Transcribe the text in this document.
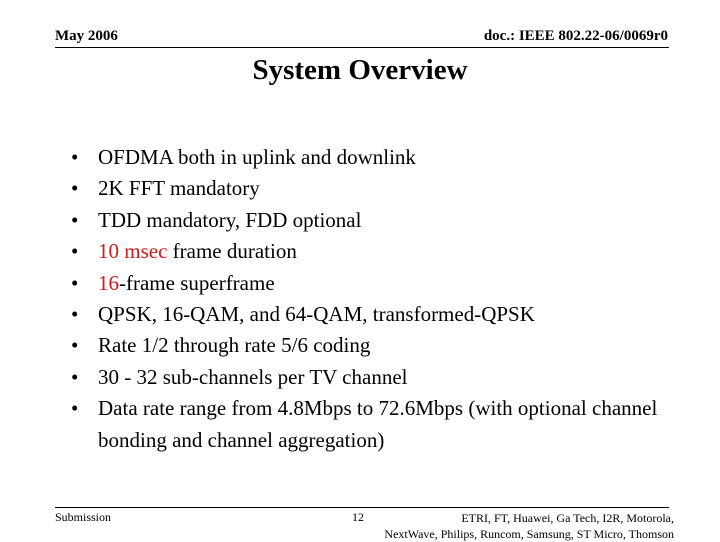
May 2006	doc.: IEEE 802.22-06/0069r0
System Overview
• OFDMA both in uplink and downlink
• 2K FFT mandatory
• TDD mandatory, FDD optional
• 10 msec frame duration
• 16-frame superframe
• QPSK, 16-QAM, and 64-QAM, transformed-QPSK
• Rate 1/2 through rate 5/6 coding
• 30 - 32 sub-channels per TV channel
• Data rate range from 4.8Mbps to 72.6Mbps (with optional channel bonding and channel aggregation)
Submission	12	ETRI, FT, Huawei, Ga Tech, I2R, Motorola,
NextWave, Philips, Runcom, Samsung, ST Micro, Thomson
